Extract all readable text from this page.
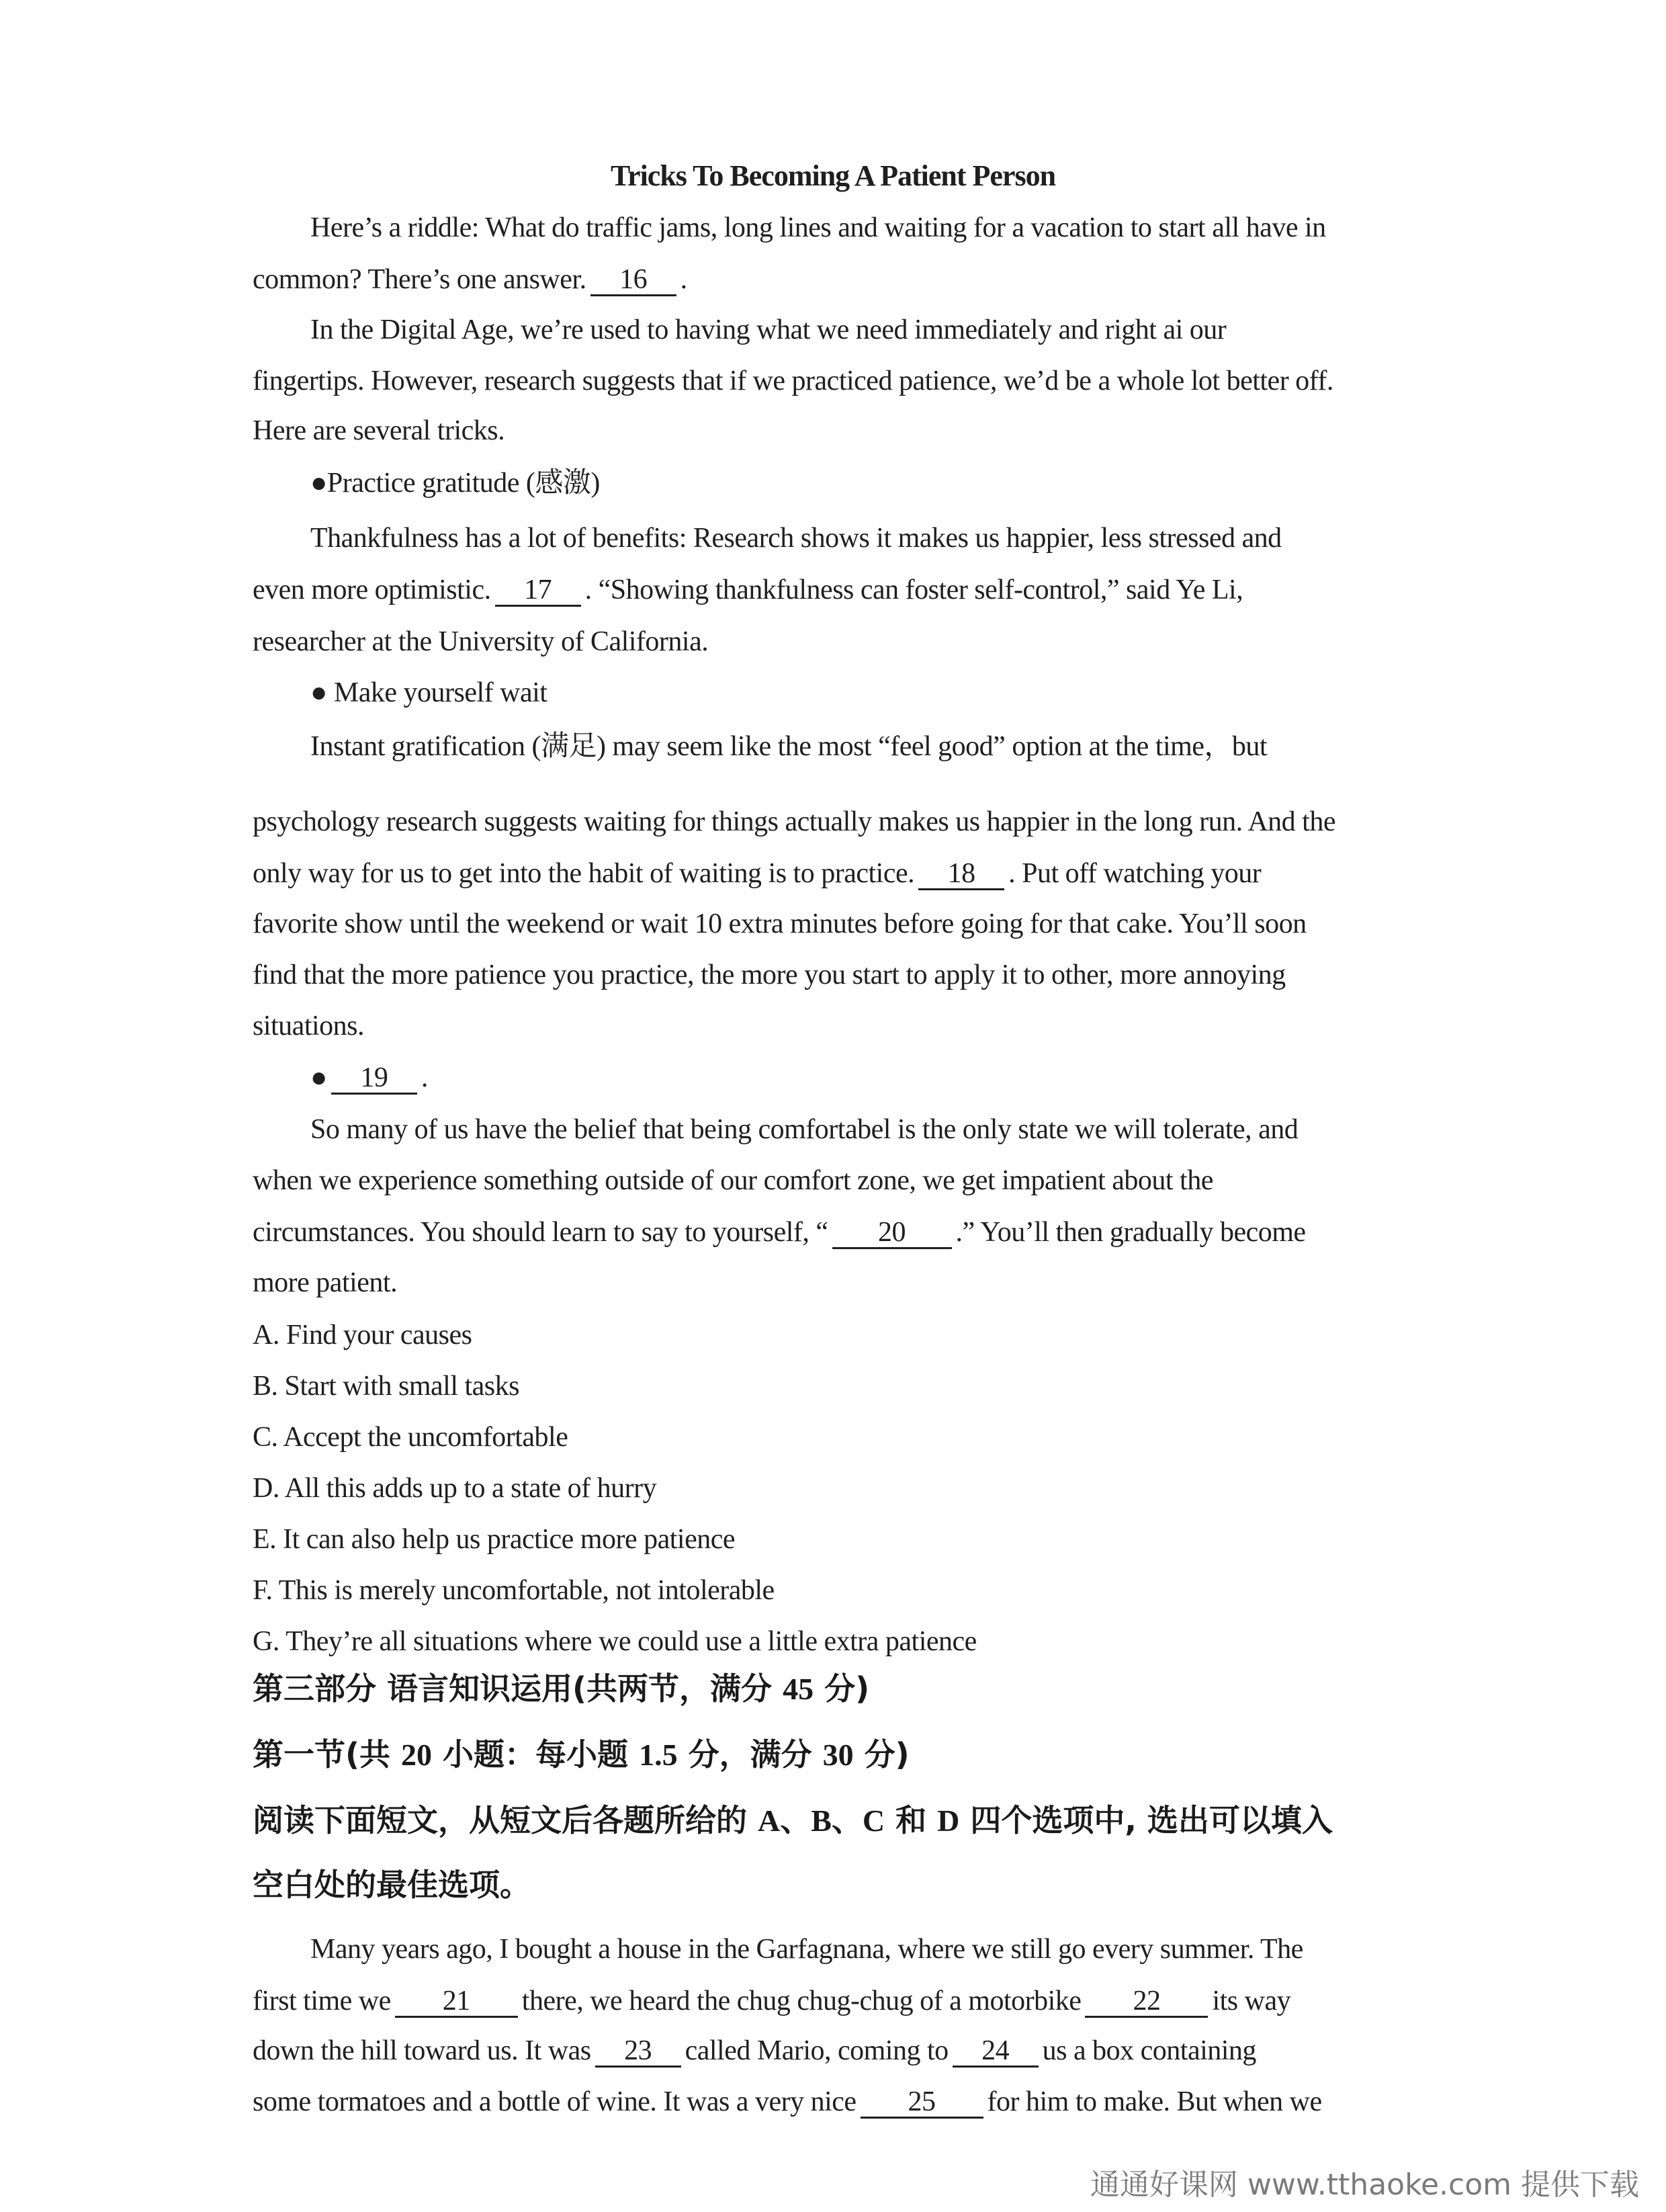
Tricks To Becoming A Patient Person
Here’s a riddle: What do traffic jams, long lines and waiting for a vacation to start all have in
common? There’s one answer. 16 .
In the Digital Age, we’re used to having what we need immediately and right ai our
fingertips. However, research suggests that if we practiced patience, we’d be a whole lot better off.
Here are several tricks.
●Practice gratitude (感激)
Thankfulness has a lot of benefits: Research shows it makes us happier, less stressed and
even more optimistic. 17 . “Showing thankfulness can foster self-control,” said Ye Li,
researcher at the University of California.
● Make yourself wait
Instant gratification (满足) may seem like the most “feel good” option at the time，but
psychology research suggests waiting for things actually makes us happier in the long run. And the
only way for us to get into the habit of waiting is to practice. 18 . Put off watching your
favorite show until the weekend or wait 10 extra minutes before going for that cake. You’ll soon
find that the more patience you practice, the more you start to apply it to other, more annoying
situations.
● 19 .
So many of us have the belief that being comfortabel is the only state we will tolerate, and
when we experience something outside of our comfort zone, we get impatient about the
circumstances. You should learn to say to yourself, “ 20 .” You’ll then gradually become
more patient.
A. Find your causes
B. Start with small tasks
C. Accept the uncomfortable
D. All this adds up to a state of hurry
E. It can also help us practice more patience
F. This is merely uncomfortable, not intolerable
G. They’re all situations where we could use a little extra patience
第三部分 语言知识运用(共两节，满分 45 分)
第一节(共 20 小题：每小题 1.5 分，满分 30 分)
阅读下面短文，从短文后各题所给的 A、B、C 和 D 四个选项中, 选出可以填入
空白处的最佳选项。
Many years ago, I bought a house in the Garfagnana, where we still go every summer. The
first time we 21 there, we heard the chug chug-chug of a motorbike 22 its way
down the hill toward us. It was 23 called Mario, coming to 24 us a box containing
some tormatoes and a bottle of wine. It was a very nice 25 for him to make. But when we
通通好课网 www.tthaoke.com 提供下载
